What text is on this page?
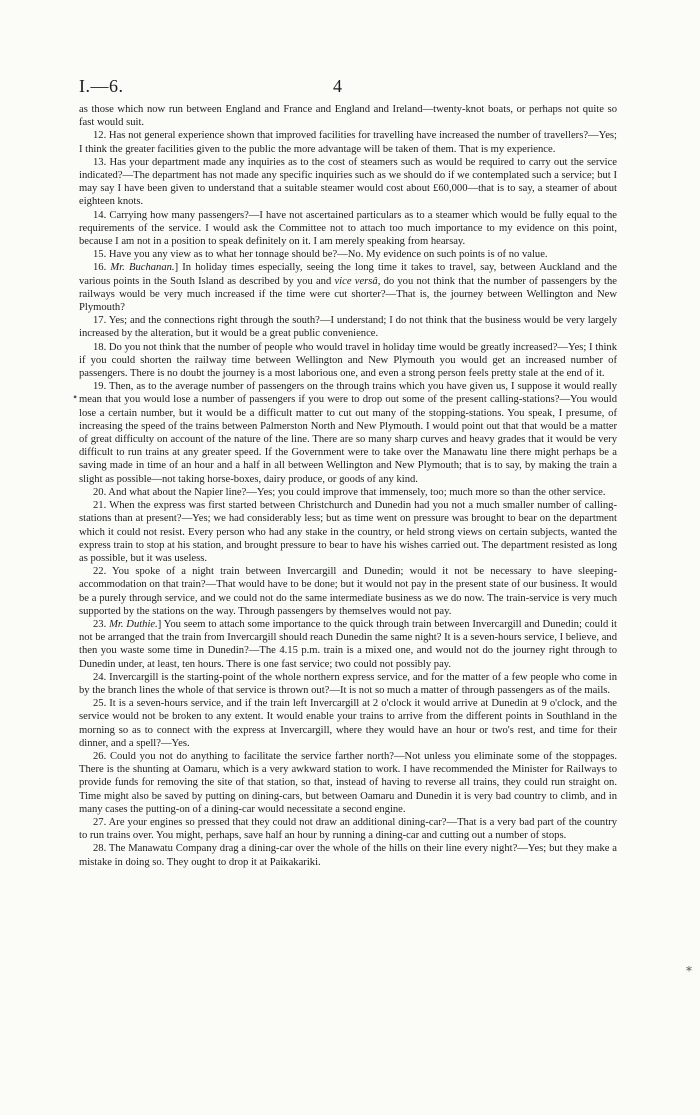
I.—6.	4
•
⁎

as those which now run between England and France and England and Ireland—twenty-knot boats, or perhaps not quite so fast would suit.

12. Has not general experience shown that improved facilities for travelling have increased the number of travellers?—Yes; I think the greater facilities given to the public the more advantage will be taken of them. That is my experience.

13. Has your department made any inquiries as to the cost of steamers such as would be required to carry out the service indicated?—The department has not made any specific inquiries such as we should do if we contemplated such a service; but I may say I have been given to understand that a suitable steamer would cost about £60,000—that is to say, a steamer of about eighteen knots.

14. Carrying how many passengers?—I have not ascertained particulars as to a steamer which would be fully equal to the requirements of the service. I would ask the Committee not to attach too much importance to my evidence on this point, because I am not in a position to speak definitely on it. I am merely speaking from hearsay.

15. Have you any view as to what her tonnage should be?—No. My evidence on such points is of no value.

16. Mr. Buchanan.] In holiday times especially, seeing the long time it takes to travel, say, between Auckland and the various points in the South Island as described by you and vice versâ, do you not think that the number of passengers by the railways would be very much increased if the time were cut shorter?—That is, the journey between Wellington and New Plymouth?

17. Yes; and the connections right through the south?—I understand; I do not think that the business would be very largely increased by the alteration, but it would be a great public convenience.

18. Do you not think that the number of people who would travel in holiday time would be greatly increased?—Yes; I think if you could shorten the railway time between Wellington and New Plymouth you would get an increased number of passengers. There is no doubt the journey is a most laborious one, and even a strong person feels pretty stale at the end of it.

19. Then, as to the average number of passengers on the through trains which you have given us, I suppose it would really mean that you would lose a number of passengers if you were to drop out some of the present calling-stations?—You would lose a certain number, but it would be a difficult matter to cut out many of the stopping-stations. You speak, I presume, of increasing the speed of the trains between Palmerston North and New Plymouth. I would point out that that would be a matter of great difficulty on account of the nature of the line. There are so many sharp curves and heavy grades that it would be very difficult to run trains at any greater speed. If the Government were to take over the Manawatu line there might perhaps be a saving made in time of an hour and a half in all between Wellington and New Plymouth; that is to say, by making the train a slight as possible—not taking horse-boxes, dairy produce, or goods of any kind.

20. And what about the Napier line?—Yes; you could improve that immensely, too; much more so than the other service.

21. When the express was first started between Christchurch and Dunedin had you not a much smaller number of calling-stations than at present?—Yes; we had considerably less; but as time went on pressure was brought to bear on the department which it could not resist. Every person who had any stake in the country, or held strong views on certain subjects, wanted the express train to stop at his station, and brought pressure to bear to have his wishes carried out. The department resisted as long as possible, but it was useless.

22. You spoke of a night train between Invercargill and Dunedin; would it not be necessary to have sleeping-accommodation on that train?—That would have to be done; but it would not pay in the present state of our business. It would be a purely through service, and we could not do the same intermediate business as we do now. The train-service is very much supported by the stations on the way. Through passengers by themselves would not pay.

23. Mr. Duthie.] You seem to attach some importance to the quick through train between Invercargill and Dunedin; could it not be arranged that the train from Invercargill should reach Dunedin the same night? It is a seven-hours service, I believe, and then you waste some time in Dunedin?—The 4.15 p.m. train is a mixed one, and would not do the journey right through to Dunedin under, at least, ten hours. There is one fast service; two could not possibly pay.

24. Invercargill is the starting-point of the whole northern express service, and for the matter of a few people who come in by the branch lines the whole of that service is thrown out?—It is not so much a matter of through passengers as of the mails.

25. It is a seven-hours service, and if the train left Invercargill at 2 o'clock it would arrive at Dunedin at 9 o'clock, and the service would not be broken to any extent. It would enable your trains to arrive from the different points in Southland in the morning so as to connect with the express at Invercargill, where they would have an hour or two's rest, and time for their dinner, and a spell?—Yes.

26. Could you not do anything to facilitate the service farther north?—Not unless you eliminate some of the stoppages. There is the shunting at Oamaru, which is a very awkward station to work. I have recommended the Minister for Railways to provide funds for removing the site of that station, so that, instead of having to reverse all trains, they could run straight on. Time might also be saved by putting on dining-cars, but between Oamaru and Dunedin it is very bad country to climb, and in many cases the putting-on of a dining-car would necessitate a second engine.

27. Are your engines so pressed that they could not draw an additional dining-car?—That is a very bad part of the country to run trains over. You might, perhaps, save half an hour by running a dining-car and cutting out a number of stops.

28. The Manawatu Company drag a dining-car over the whole of the hills on their line every night?—Yes; but they make a mistake in doing so. They ought to drop it at Paikakariki.
